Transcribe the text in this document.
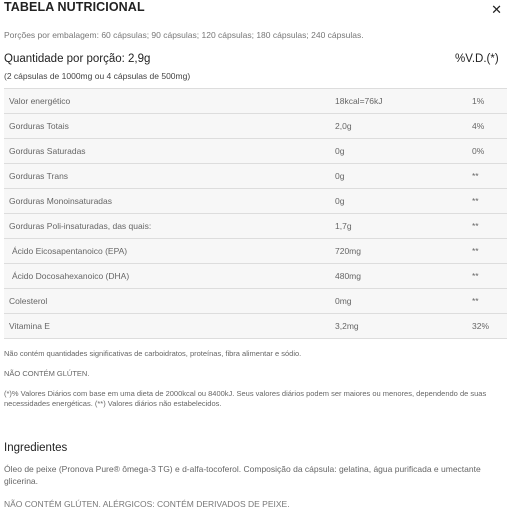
TABELA NUTRICIONAL	✕
Porções por embalagem: 60 cápsulas; 90 cápsulas; 120 cápsulas; 180 cápsulas; 240 cápsulas.
Quantidade por porção: 2,9g	%V.D.(*)
(2 cápsulas de 1000mg ou 4 cápsulas de 500mg)
Valor energético	18kcal=76kJ	1%
Gorduras Totais	2,0g	4%
Gorduras Saturadas	0g	0%
Gorduras Trans	0g	**
Gorduras Monoinsaturadas	0g	**
Gorduras Poli-insaturadas, das quais:	1,7g	**
Ácido Eicosapentanoico (EPA)	720mg	**
Ácido Docosahexanoico (DHA)	480mg	**
Colesterol	0mg	**
Vitamina E	3,2mg	32%
Não contém quantidades significativas de carboidratos, proteínas, fibra alimentar e sódio.
NÃO CONTÉM GLÚTEN.
(*)% Valores Diários com base em uma dieta de 2000kcal ou 8400kJ. Seus valores diários podem ser maiores ou menores, dependendo de suas necessidades energéticas. (**) Valores diários não estabelecidos.
Ingredientes
Óleo de peixe (Pronova Pure® ômega-3 TG) e d-alfa-tocoferol. Composição da cápsula: gelatina, água purificada e umectante glicerina.
NÃO CONTÉM GLÚTEN. ALÉRGICOS: CONTÉM DERIVADOS DE PEIXE.
